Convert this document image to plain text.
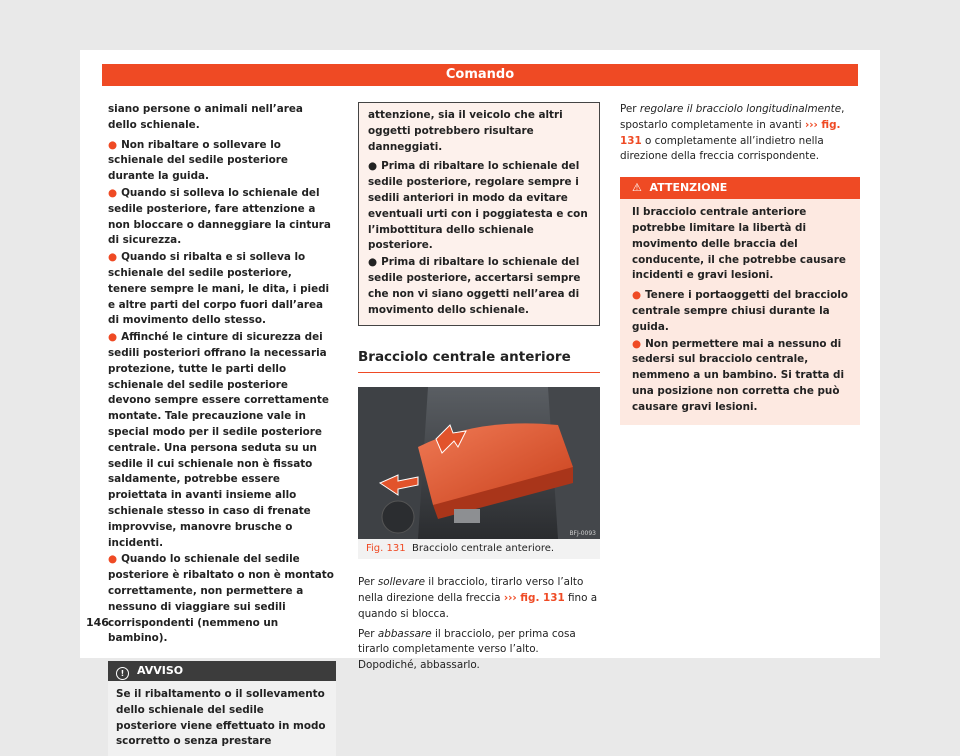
Comando

siano persone o animali nell’area dello schienale.

● Non ribaltare o sollevare lo schienale del sedile posteriore durante la guida.
● Quando si solleva lo schienale del sedile posteriore, fare attenzione a non bloccare o danneggiare la cintura di sicurezza.
● Quando si ribalta e si solleva lo schienale del sedile posteriore, tenere sempre le mani, le dita, i piedi e altre parti del corpo fuori dall’area di movimento dello stesso.
● Affinché le cinture di sicurezza dei sedili posteriori offrano la necessaria protezione, tutte le parti dello schienale del sedile posteriore devono sempre essere correttamente montate. Tale precauzione vale in special modo per il sedile posteriore centrale. Una persona seduta su un sedile il cui schienale non è fissato saldamente, potrebbe essere proiettata in avanti insieme allo schienale stesso in caso di frenate improvvise, manovre brusche o incidenti.
● Quando lo schienale del sedile posteriore è ribaltato o non è montato correttamente, non permettere a nessuno di viaggiare sui sedili corrispondenti (nemmeno un bambino).
! AVVISO
Se il ribaltamento o il sollevamento dello schienale del sedile posteriore viene effettuato in modo scorretto o senza prestare

attenzione, sia il veicolo che altri oggetti potrebbero risultare danneggiati.

● Prima di ribaltare lo schienale del sedile posteriore, regolare sempre i sedili anteriori in modo da evitare eventuali urti con i poggiatesta e con l’imbottitura dello schienale posteriore.
● Prima di ribaltare lo schienale del sedile posteriore, accertarsi sempre che non vi siano oggetti nell’area di movimento dello schienale.
Bracciolo centrale anteriore
BFJ-0093
Fig. 131 Bracciolo centrale anteriore.

Per sollevare il bracciolo, tirarlo verso l’alto nella direzione della freccia ››› fig. 131 fino a quando si blocca.

Per abbassare il bracciolo, per prima cosa tirarlo completamente verso l’alto. Dopodiché, abbassarlo.

Per regolare il bracciolo longitudinalmente, spostarlo completamente in avanti ››› fig. 131 o completamente all’indietro nella direzione della freccia corrispondente.

⚠ ATTENZIONE

Il bracciolo centrale anteriore potrebbe limitare la libertà di movimento delle braccia del conducente, il che potrebbe causare incidenti e gravi lesioni.

● Tenere i portaoggetti del bracciolo centrale sempre chiusi durante la guida.
● Non permettere mai a nessuno di sedersi sul bracciolo centrale, nemmeno a un bambino. Si tratta di una posizione non corretta che può causare gravi lesioni.
146
